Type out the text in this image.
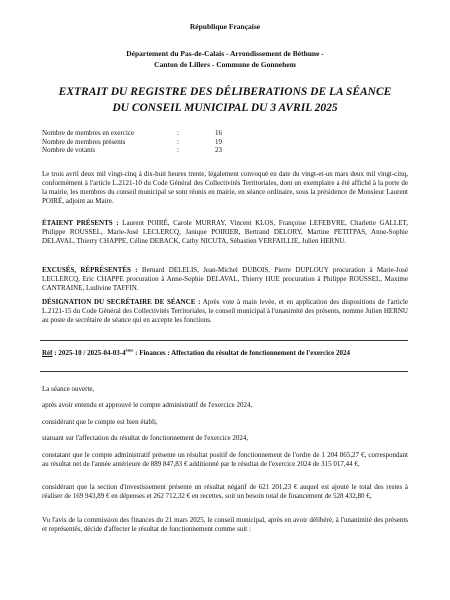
République Française
Département du Pas-de-Calais - Arrondissement de Béthune -
Canton de Lillers - Commune de Gonnehem
EXTRAIT DU REGISTRE DES DÉLIBERATIONS DE LA SÉANCE
DU CONSEIL MUNICIPAL DU 3 AVRIL 2025
Nombre de membres en exercice	:	16
Nombre de membres présents	:	19
Nombre de votants	:	23
Le trois avril deux mil vingt-cinq à dix-huit heures trente, légalement convoqué en date du vingt-et-un mars deux mil vingt-cinq, conformément à l'article L.2121-10 du Code Général des Collectivités Territoriales, dont un exemplaire a été affiché à la porte de la mairie, les membres du conseil municipal se sont réunis en mairie, en séance ordinaire, sous la présidence de Monsieur Laurent POIRÉ, adjoint au Maire.
ÉTAIENT PRÉSENTS : Laurent POIRÉ, Carole MURRAY, Vincent KLOS, Françoise LEFEBVRE, Charlette GALLET, Philippe ROUSSEL, Marie-José LECLERCQ, Janique POIRIER, Bertrand DELORY, Martine PETITPAS, Anne-Sophie DELAVAL, Thierry CHAPPE, Céline DEBACK, Cathy NICUTA, Sébastien VERFAILLIE, Julien HERNU.
EXCUSÉS, RÉPRÉSENTÉS : Bernard DELELIS, Jean-Michel DUBOIS, Pierre DUPLOUY procuration à Marie-José LECLERCQ, Eric CHAPPE procuration à Anne-Sophie DELAVAL, Thierry HUE procuration à Philippe ROUSSEL, Maxime CANTRAINE, Ludivine TAFFIN.
DÉSIGNATION DU SECRÉTAIRE DE SÉANCE : Après vote à main levée, et en application des dispositions de l'article L.2121-15 du Code Général des Collectivités Territoriales, le conseil municipal à l'unanimité des présents, nomme Julien HERNU au poste de secrétaire de séance qui en accepte les fonctions.
Réf : 2025-10 / 2025-04-03-4ème : Finances : Affectation du résultat de fonctionnement de l'exercice 2024
La séance ouverte,
après avoir entendu et approuvé le compte administratif de l'exercice 2024,
considérant que le compte est bien établi,
statuant sur l'affectation du résultat de fonctionnement de l'exercice 2024,
constatant que le compte administratif présente un résultat positif de fonctionnement de l'ordre de 1 204 865,27 €, correspondant au résultat net de l'année antérieure de 889 847,83 € additionné par le résultat de l'exercice 2024 de 315 017,44 €,
considérant que la section d'investissement présente un résultat négatif de 621 201,23 € auquel est ajouté le total des restes à réaliser de 169 943,89 € en dépenses et 262 712,32 € en recettes, soit un besoin total de financement de 528 432,80 €,
Vu l'avis de la commission des finances du 21 mars 2025, le conseil municipal, après en avoir délibéré, à l'unanimité des présents et représentés, décide d'affecter le résultat de fonctionnement comme suit :
